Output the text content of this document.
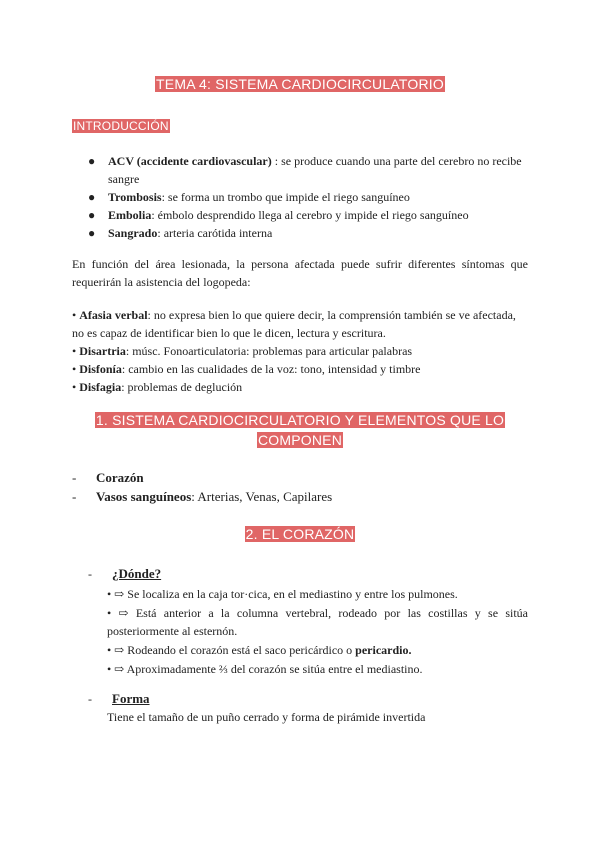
TEMA 4: SISTEMA CARDIOCIRCULATORIO
INTRODUCCIÓN
● ACV (accidente cardiovascular) : se produce cuando una parte del cerebro no recibe sangre
● Trombosis: se forma un trombo que impide el riego sanguíneo
● Embolia: émbolo desprendido llega al cerebro y impide el riego sanguíneo
● Sangrado: arteria carótida interna
En función del área lesionada, la persona afectada puede sufrir diferentes síntomas que requerirán la asistencia del logopeda:
• Afasia verbal: no expresa bien lo que quiere decir, la comprensión también se ve afectada, no es capaz de identificar bien lo que le dicen, lectura y escritura.
• Disartria: músc. Fonoarticulatoria: problemas para articular palabras
• Disfonía: cambio en las cualidades de la voz: tono, intensidad y timbre
• Disfagia: problemas de deglución
1. SISTEMA CARDIOCIRCULATORIO Y ELEMENTOS QUE LO
COMPONEN
- Corazón
- Vasos sanguíneos: Arterias, Venas, Capilares
2. EL CORAZÓN
- ¿Dónde?
• ⇨ Se localiza en la caja tor·cica, en el mediastino y entre los pulmones.
• ⇨ Está anterior a la columna vertebral, rodeado por las costillas y se sitúa posteriormente al esternón.
• ⇨ Rodeando el corazón está el saco pericárdico o pericardio.
• ⇨ Aproximadamente ⅔ del corazón se sitúa entre el mediastino.
- Forma
Tiene el tamaño de un puño cerrado y forma de pirámide invertida
